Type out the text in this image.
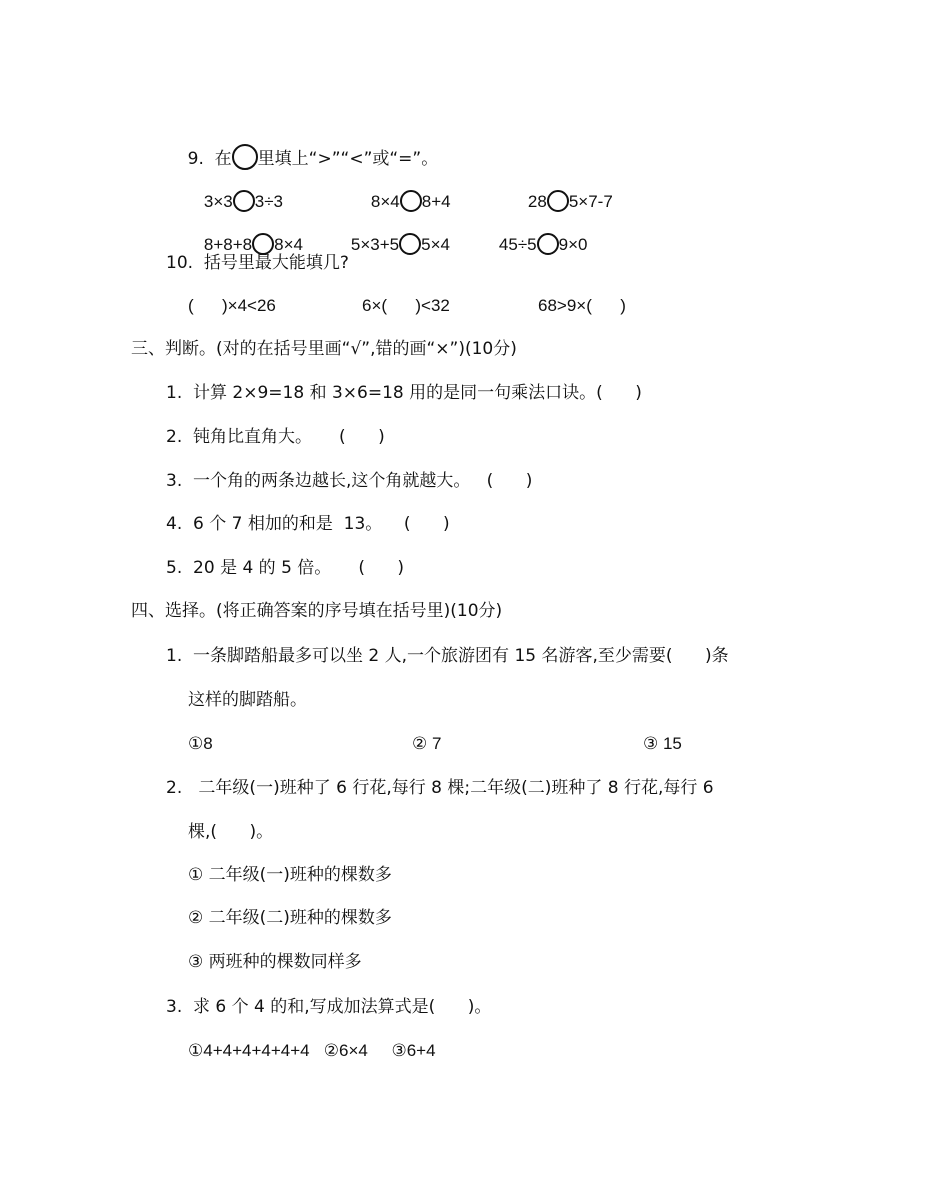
9.  在 里填上“>”“<”或“=”。

3×3 3÷3
	8×4 8+4
	28 5×7-7

8+8+8 8×4
	5×3+5 5×4
	45÷5 9×0

10.  括号里最大能填几?
(      )×4<26	6×(      )<32	68>9×(      )
三、判断。(对的在括号里画“√”,错的画“×”)(10分)
1.  计算 2×9=18 和 3×6=18 用的是同一句乘法口诀。(      )
2.  钝角比直角大。     (      )
3.  一个角的两条边越长,这个角就越大。   (      )
4.  6 个 7 相加的和是  13。    (      )
5.  20 是 4 的 5 倍。     (      )
四、选择。(将正确答案的序号填在括号里)(10分)
1.  一条脚踏船最多可以坐 2 人,一个旅游团有 15 名游客,至少需要(      )条
这样的脚踏船。
①8	② 7	③ 15
2.   二年级(一)班种了 6 行花,每行 8 棵;二年级(二)班种了 8 行花,每行 6
棵,(      )。
① 二年级(一)班种的棵数多
② 二年级(二)班种的棵数多
③ 两班种的棵数同样多
3.  求 6 个 4 的和,写成加法算式是(      )。
①4+4+4+4+4+4   ②6×4     ③6+4
